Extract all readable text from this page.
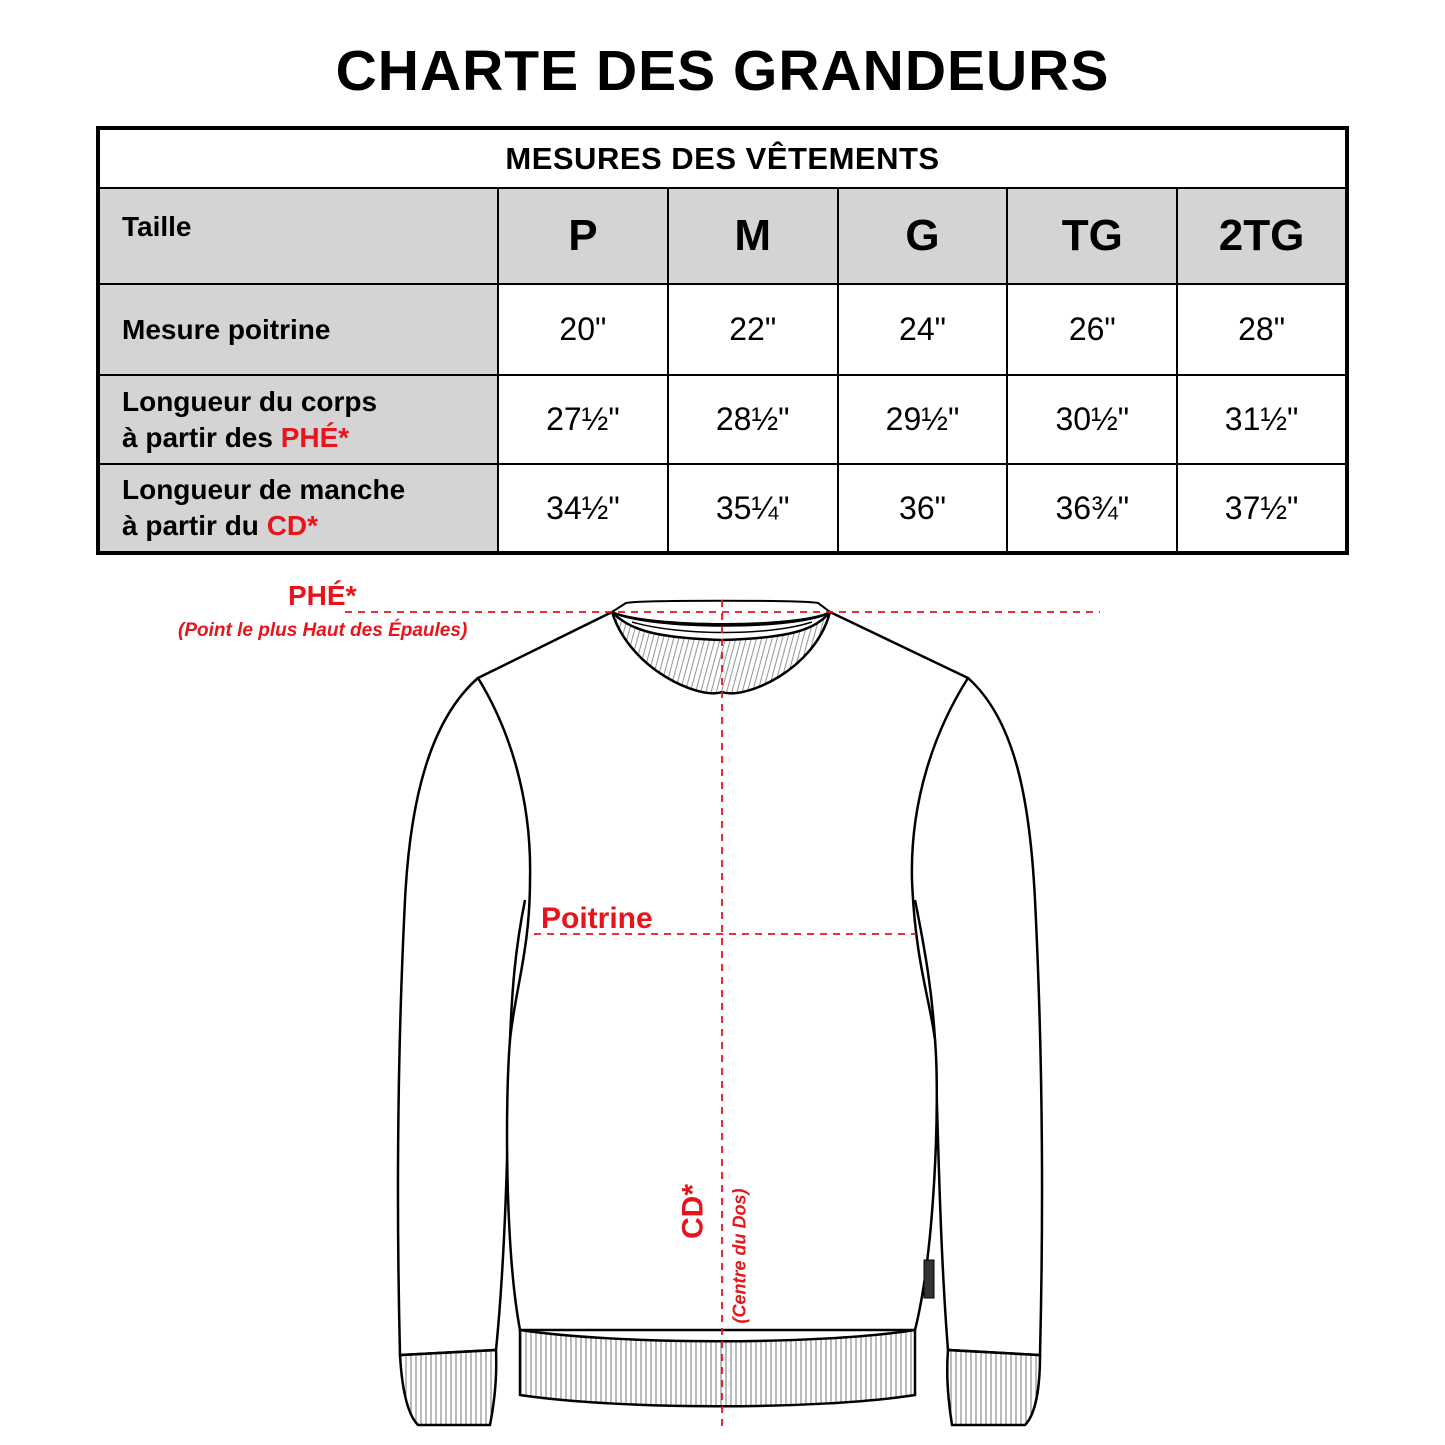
CHARTE DES GRANDEURS
MESURES DES VÊTEMENTS					
Taille	P	M	G	TG	2TG
Mesure poitrine	20"	22"	24"	26"	28"
Longueur du corps
à partir des PHÉ*	27½"	28½"	29½"	30½"	31½"
Longueur de manche
à partir du CD*	34½"	35¼"	36"	36¾"	37½"
PHÉ*
(Point le plus Haut des Épaules)
Poitrine
CD* (Centre du Dos)
